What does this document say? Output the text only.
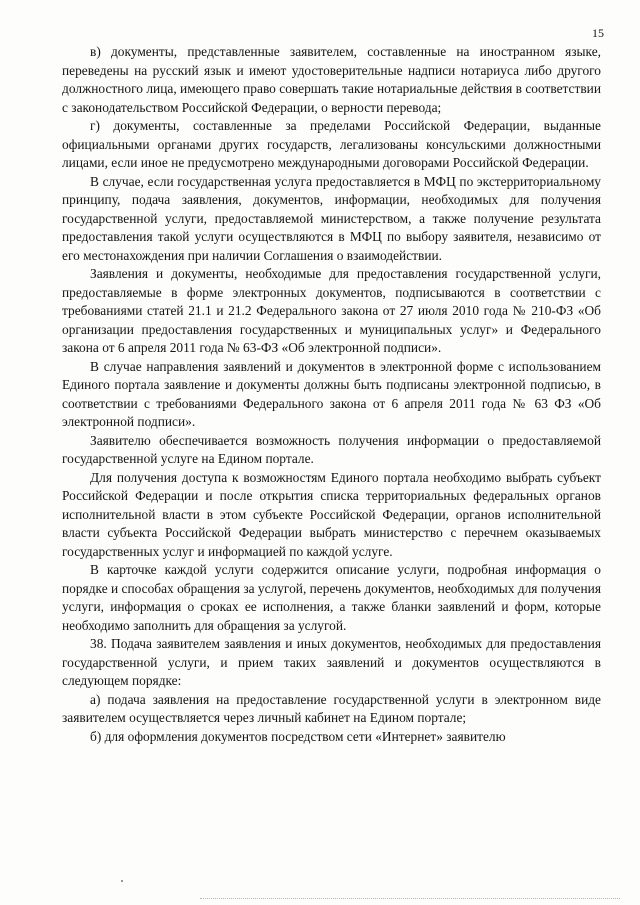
15

в) документы, представленные заявителем, составленные на иностранном языке, переведены на русский язык и имеют удостоверительные надписи нотариуса либо другого должностного лица, имеющего право совершать такие нотариальные действия в соответствии с законодательством Российской Федерации, о верности перевода;

г) документы, составленные за пределами Российской Федерации, выданные официальными органами других государств, легализованы консульскими должностными лицами, если иное не предусмотрено международными договорами Российской Федерации.

В случае, если государственная услуга предоставляется в МФЦ по экстерриториальному принципу, подача заявления, документов, информации, необходимых для получения государственной услуги, предоставляемой министерством, а также получение результата предоставления такой услуги осуществляются в МФЦ по выбору заявителя, независимо от его местонахождения при наличии Соглашения о взаимодействии.

Заявления и документы, необходимые для предоставления государственной услуги, предоставляемые в форме электронных документов, подписываются в соответствии с требованиями статей 21.1 и 21.2 Федерального закона от 27 июля 2010 года № 210-ФЗ «Об организации предоставления государственных и муниципальных услуг» и Федерального закона от 6 апреля 2011 года № 63-ФЗ «Об электронной подписи».

В случае направления заявлений и документов в электронной форме с использованием Единого портала заявление и документы должны быть подписаны электронной подписью, в соответствии с требованиями Федерального закона от 6 апреля 2011 года № 63 ФЗ «Об электронной подписи».

Заявителю обеспечивается возможность получения информации о предоставляемой государственной услуге на Едином портале.

Для получения доступа к возможностям Единого портала необходимо выбрать субъект Российской Федерации и после открытия списка территориальных федеральных органов исполнительной власти в этом субъекте Российской Федерации, органов исполнительной власти субъекта Российской Федерации выбрать министерство с перечнем оказываемых государственных услуг и информацией по каждой услуге.

В карточке каждой услуги содержится описание услуги, подробная информация о порядке и способах обращения за услугой, перечень документов, необходимых для получения услуги, информация о сроках ее исполнения, а также бланки заявлений и форм, которые необходимо заполнить для обращения за услугой.

38. Подача заявителем заявления и иных документов, необходимых для предоставления государственной услуги, и прием таких заявлений и документов осуществляются в следующем порядке:

а) подача заявления на предоставление государственной услуги в электронном виде заявителем осуществляется через личный кабинет на Едином портале;

б) для оформления документов посредством сети «Интернет» заявителю
